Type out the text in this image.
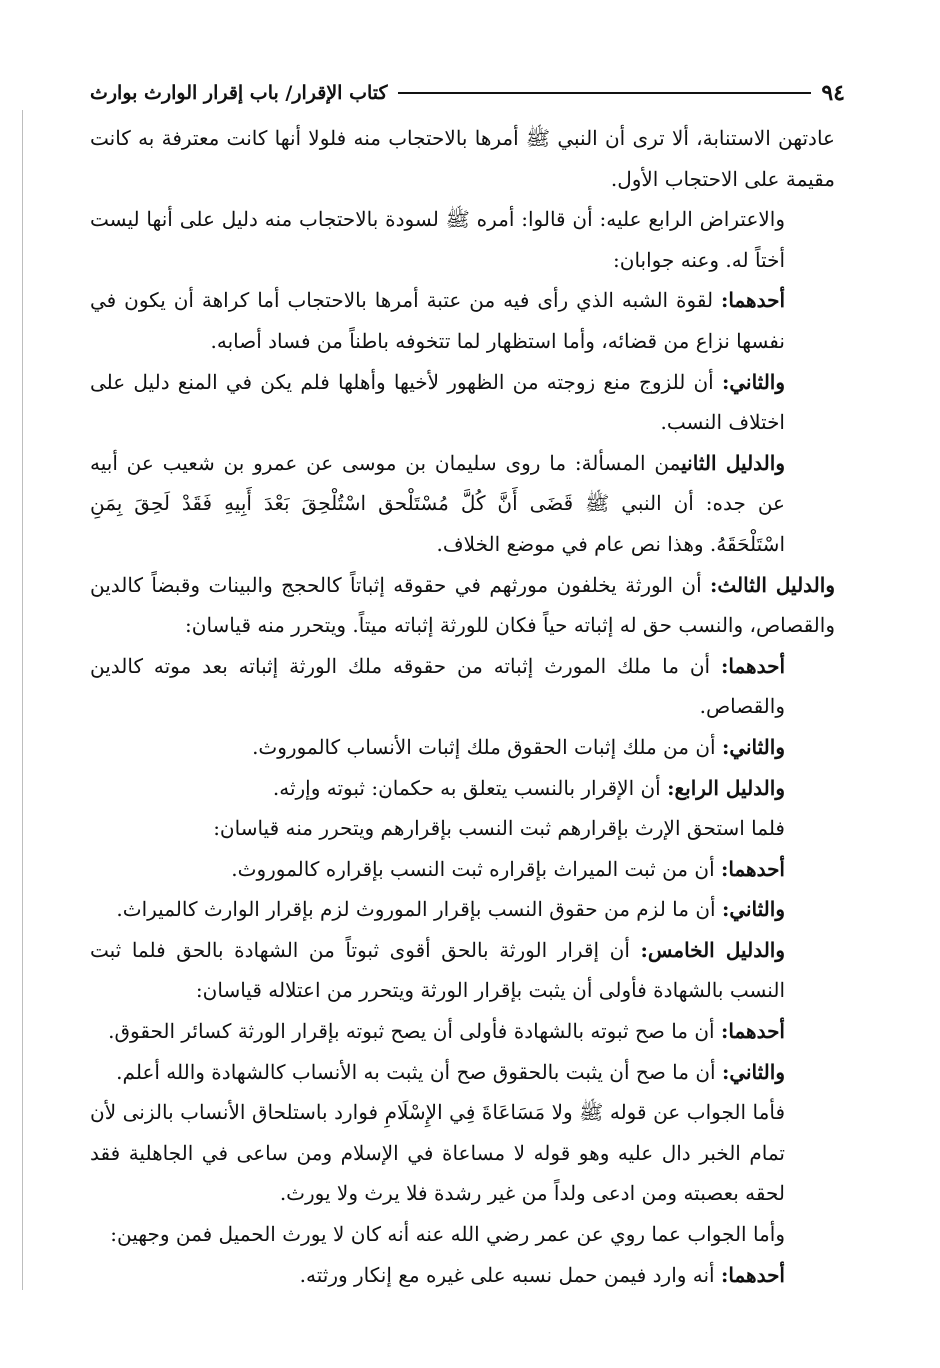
٩٤
كتاب الإقرار/ باب إقرار الوارث بوارث

عادتهن الاستنابة، ألا ترى أن النبي ﷺ أمرها بالاحتجاب منه فلولا أنها كانت معترفة به كانت مقيمة على الاحتجاب الأول.

والاعتراض الرابع عليه: أن قالوا: أمره ﷺ لسودة بالاحتجاب منه دليل على أنها ليست أختاً له. وعنه جوابان:

أحدهما: لقوة الشبه الذي رأى فيه من عتبة أمرها بالاحتجاب أما كراهة أن يكون في نفسها نزاع من قضائه، وأما استظهار لما تتخوفه باطناً من فساد أصابه.

والثاني: أن للزوج منع زوجته من الظهور لأخيها وأهلها فلم يكن في المنع دليل على اختلاف النسب.

والدليل الثانيمن المسألة: ما روى سليمان بن موسى عن عمرو بن شعيب عن أبيه عن جده: أن النبي ﷺ قَضَى أَنَّ كُلَّ مُسْتَلْحق اسْتُلْحِقَ بَعْدَ أَبِيهِ فَقَدْ لَحِقَ بِمَنِ اسْتَلْحَقَهُ. وهذا نص عام في موضع الخلاف.

والدليل الثالث: أن الورثة يخلفون مورثهم في حقوقه إثباتاً كالحجج والبينات وقبضاً كالدين والقصاص، والنسب حق له إثباته حياً فكان للورثة إثباته ميتاً. ويتحرر منه قياسان:

أحدهما: أن ما ملك المورث إثباته من حقوقه ملك الورثة إثباته بعد موته كالدين والقصاص.

والثاني: أن من ملك إثبات الحقوق ملك إثبات الأنساب كالموروث.

والدليل الرابع: أن الإقرار بالنسب يتعلق به حكمان: ثبوته وإرثه.

فلما استحق الإرث بإقرارهم ثبت النسب بإقرارهم ويتحرر منه قياسان:

أحدهما: أن من ثبت الميراث بإقراره ثبت النسب بإقراره كالموروث.

والثاني: أن ما لزم من حقوق النسب بإقرار الموروث لزم بإقرار الوارث كالميراث.

والدليل الخامس: أن إقرار الورثة بالحق أقوى ثبوتاً من الشهادة بالحق فلما ثبت النسب بالشهادة فأولى أن يثبت بإقرار الورثة ويتحرر من اعتلاله قياسان:

أحدهما: أن ما صح ثبوته بالشهادة فأولى أن يصح ثبوته بإقرار الورثة كسائر الحقوق.

والثاني: أن ما صح أن يثبت بالحقوق صح أن يثبت به الأنساب كالشهادة والله أعلم.

فأما الجواب عن قوله ﷺ ولا مَسَاعَاةَ فِي الإِسْلَامِ فوارد باستلحاق الأنساب بالزنى لأن تمام الخبر دال عليه وهو قوله لا مساعاة في الإسلام ومن ساعى في الجاهلية فقد لحقه بعصبته ومن ادعى ولداً من غير رشدة فلا يرث ولا يورث.

وأما الجواب عما روي عن عمر رضي الله عنه أنه كان لا يورث الحميل فمن وجهين:

أحدهما: أنه وارد فيمن حمل نسبه على غيره مع إنكار ورثته.
